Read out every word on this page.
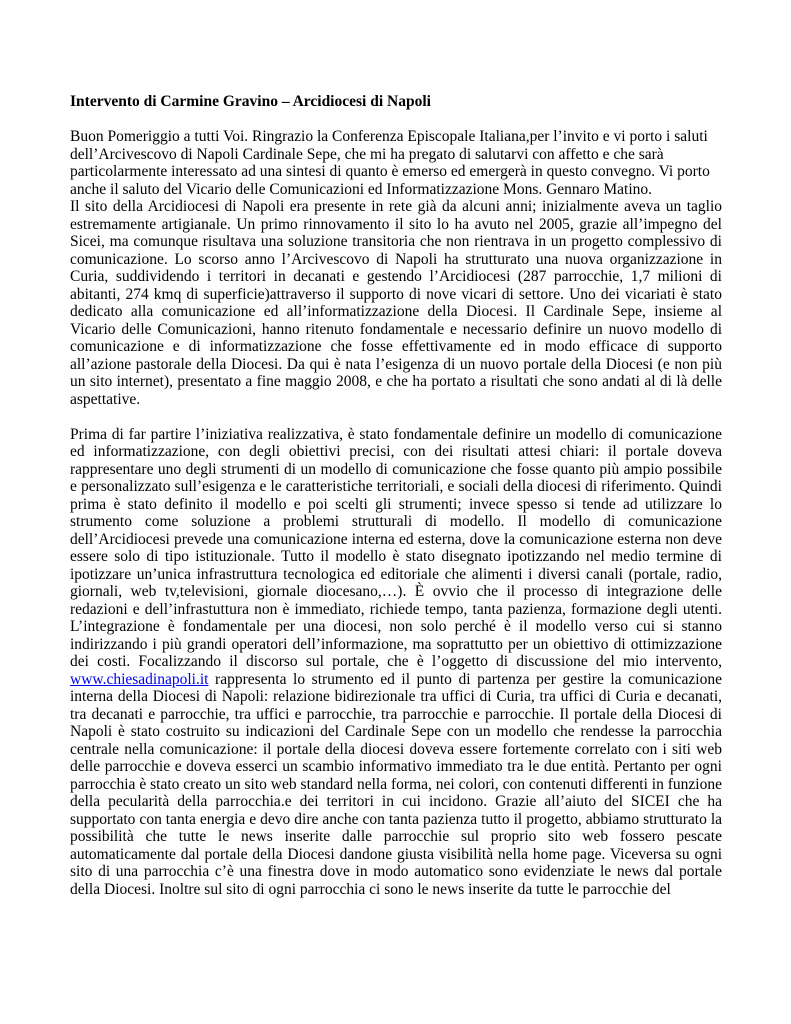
Intervento di Carmine Gravino – Arcidiocesi di Napoli

Buon Pomeriggio a tutti Voi. Ringrazio la Conferenza Episcopale Italiana,per l’invito e vi porto i saluti dell’Arcivescovo di Napoli Cardinale Sepe, che mi ha pregato di salutarvi con affetto e che sarà particolarmente interessato ad una sintesi di quanto è emerso ed emergerà in questo convegno. Vi porto anche il saluto del Vicario delle Comunicazioni ed Informatizzazione Mons. Gennaro Matino.

Il sito della Arcidiocesi di Napoli era presente in rete già da alcuni anni; inizialmente aveva un taglio estremamente artigianale. Un primo rinnovamento il sito lo ha avuto nel 2005, grazie all’impegno del Sicei, ma comunque risultava una soluzione transitoria che non rientrava in un progetto complessivo di comunicazione. Lo scorso anno l’Arcivescovo di Napoli ha strutturato una nuova organizzazione in Curia, suddividendo i territori in decanati e gestendo l’Arcidiocesi (287 parrocchie, 1,7 milioni di abitanti, 274 kmq di superficie)attraverso il supporto di nove vicari di settore. Uno dei vicariati è stato dedicato alla comunicazione ed all’informatizzazione della Diocesi. Il Cardinale Sepe, insieme al Vicario delle Comunicazioni, hanno ritenuto fondamentale e necessario definire un nuovo modello di comunicazione e di informatizzazione che fosse effettivamente ed in modo efficace di supporto all’azione pastorale della Diocesi. Da qui è nata l’esigenza di un nuovo portale della Diocesi (e non più un sito internet), presentato a fine maggio 2008, e che ha portato a risultati che sono andati al di là delle aspettative.

Prima di far partire l’iniziativa realizzativa, è stato fondamentale definire un modello di comunicazione ed informatizzazione, con degli obiettivi precisi, con dei risultati attesi chiari: il portale doveva rappresentare uno degli strumenti di un modello di comunicazione che fosse quanto più ampio possibile e personalizzato sull’esigenza e le caratteristiche territoriali, e sociali della diocesi di riferimento. Quindi prima è stato definito il modello e poi scelti gli strumenti; invece spesso si tende ad utilizzare lo strumento come soluzione a problemi strutturali di modello. Il modello di comunicazione dell’Arcidiocesi prevede una comunicazione interna ed esterna, dove la comunicazione esterna non deve essere solo di tipo istituzionale. Tutto il modello è stato disegnato ipotizzando nel medio termine di ipotizzare un’unica infrastruttura tecnologica ed editoriale che alimenti i diversi canali (portale, radio, giornali, web tv,televisioni, giornale diocesano,…). È ovvio che il processo di integrazione delle redazioni e dell’infrastuttura non è immediato, richiede tempo, tanta pazienza, formazione degli utenti. L’integrazione è fondamentale per una diocesi, non solo perché è il modello verso cui si stanno indirizzando i più grandi operatori dell’informazione, ma soprattutto per un obiettivo di ottimizzazione dei costi. Focalizzando il discorso sul portale, che è l’oggetto di discussione del mio intervento, www.chiesadinapoli.it rappresenta lo strumento ed il punto di partenza per gestire la comunicazione interna della Diocesi di Napoli: relazione bidirezionale tra uffici di Curia, tra uffici di Curia e decanati, tra decanati e parrocchie, tra uffici e parrocchie, tra parrocchie e parrocchie. Il portale della Diocesi di Napoli è stato costruito su indicazioni del Cardinale Sepe con un modello che rendesse la parrocchia centrale nella comunicazione: il portale della diocesi doveva essere fortemente correlato con i siti web delle parrocchie e doveva esserci un scambio informativo immediato tra le due entità. Pertanto per ogni parrocchia è stato creato un sito web standard nella forma, nei colori, con contenuti differenti in funzione della pecularità della parrocchia.e dei territori in cui incidono. Grazie all’aiuto del SICEI che ha supportato con tanta energia e devo dire anche con tanta pazienza tutto il progetto, abbiamo strutturato la possibilità che tutte le news inserite dalle parrocchie sul proprio sito web fossero pescate automaticamente dal portale della Diocesi dandone giusta visibilità nella home page. Viceversa su ogni sito di una parrocchia c’è una finestra dove in modo automatico sono evidenziate le news dal portale della Diocesi. Inoltre sul sito di ogni parrocchia ci sono le news inserite da tutte le parrocchie del
